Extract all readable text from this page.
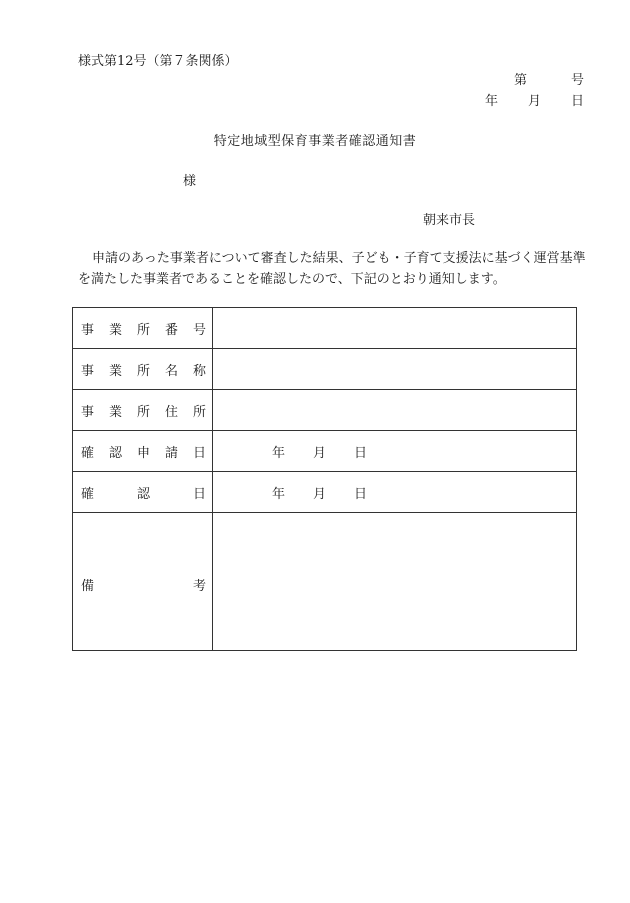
様式第12号（第７条関係）
第	号
年 月 日
特定地域型保育事業者確認通知書
様
朝来市長
申請のあった事業者について審査した結果、子ども・子育て支援法に基づく運営基準を満たした事業者であることを確認したので、下記のとおり通知します。
事 業 所 番 号	

事 業 所 名 称	

事 業 所 住 所	

確 認 申 請 日	年 月 日

確 認 日	年 月 日

備 考	
